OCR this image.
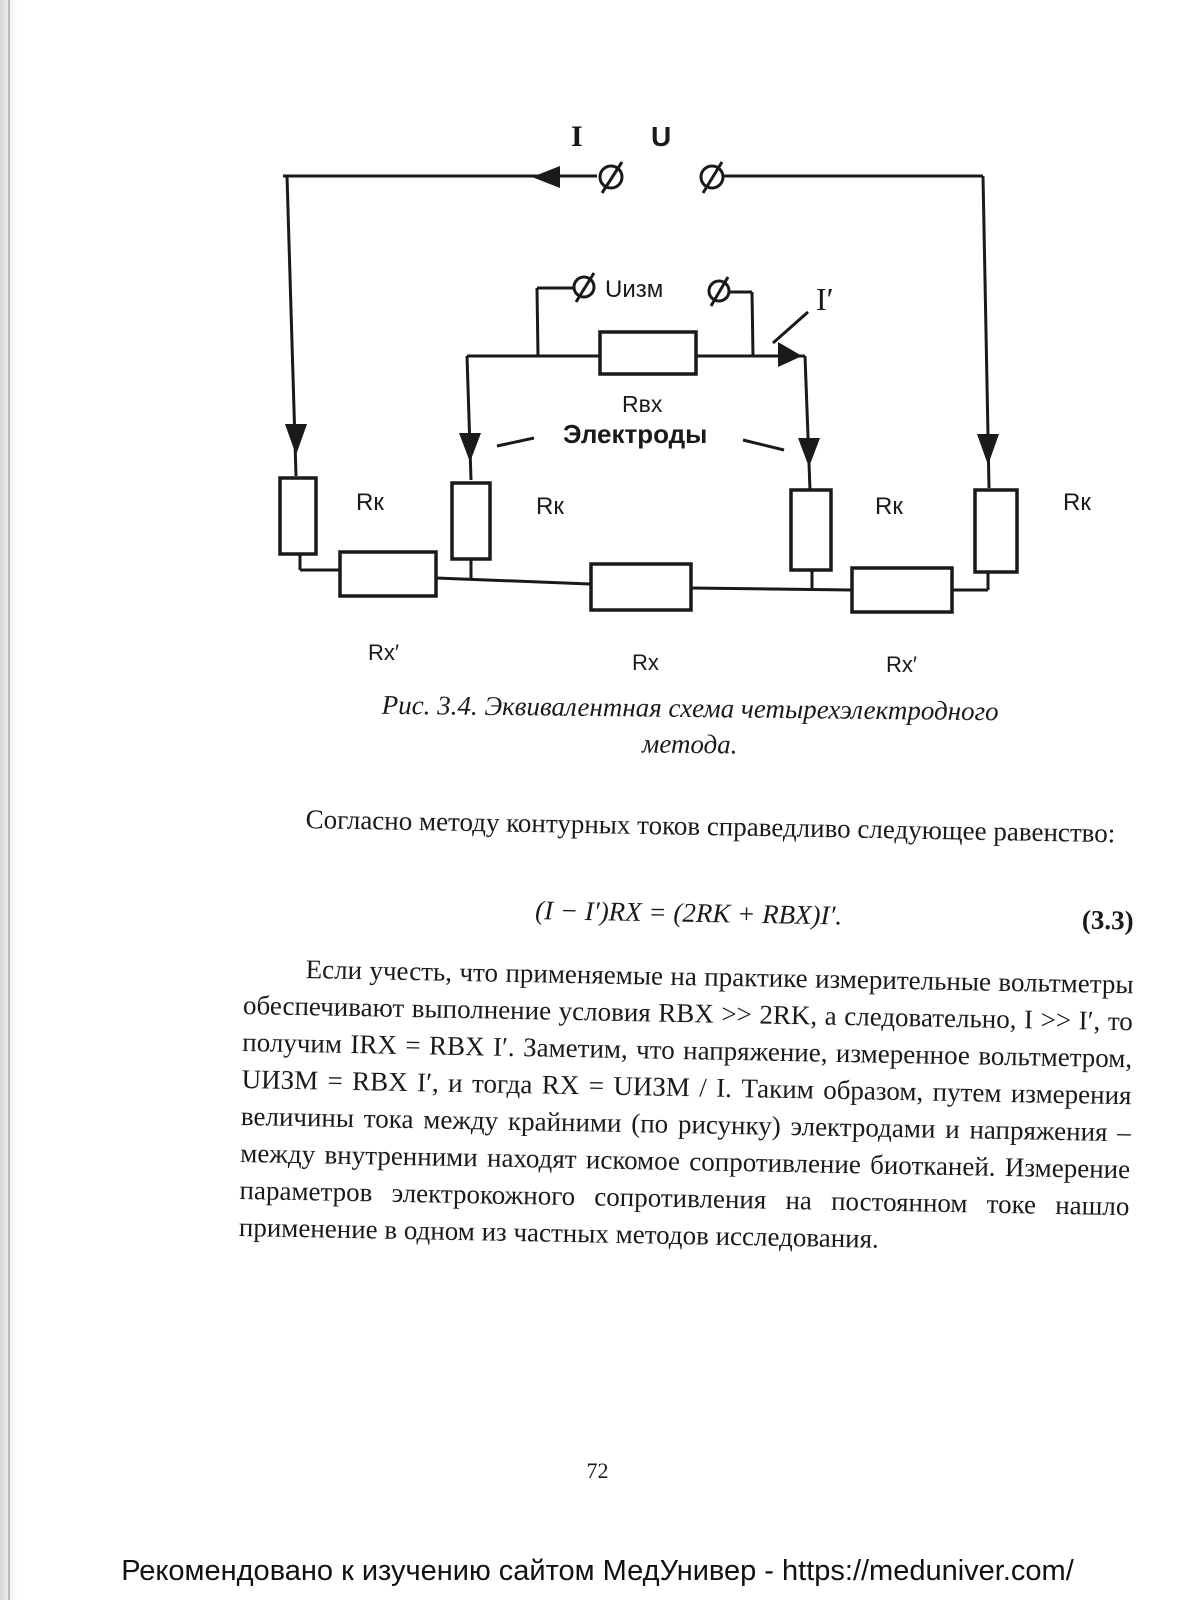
I U
Uизм	I′
Rвх
Электроды
Rк	Rк	Rк	Rк
Rx′	Rx	Rx′
Рис. 3.4. Эквивалентная схема четырехэлектродного
метода.
Согласно методу контурных токов справедливо следующее равенство:
(I − I′)RX = (2RK + RBX)I′.	(3.3)
Если учесть, что применяемые на практике измерительные вольтметры обеспечивают выполнение условия RBX >> 2RK, а следовательно, I >> I′, то получим IRX = RBX I′. Заметим, что напряжение, измеренное вольтметром, UИЗМ = RBX I′, и тогда RX = UИЗМ / I. Таким образом, путем измерения величины тока между крайними (по рисунку) электродами и напряжения – между внутренними находят искомое сопротивление биотканей. Измерение параметров электрокожного сопротивления на постоянном токе нашло применение в одном из частных методов исследования.
72
Рекомендовано к изучению сайтом МедУнивер - https://meduniver.com/
